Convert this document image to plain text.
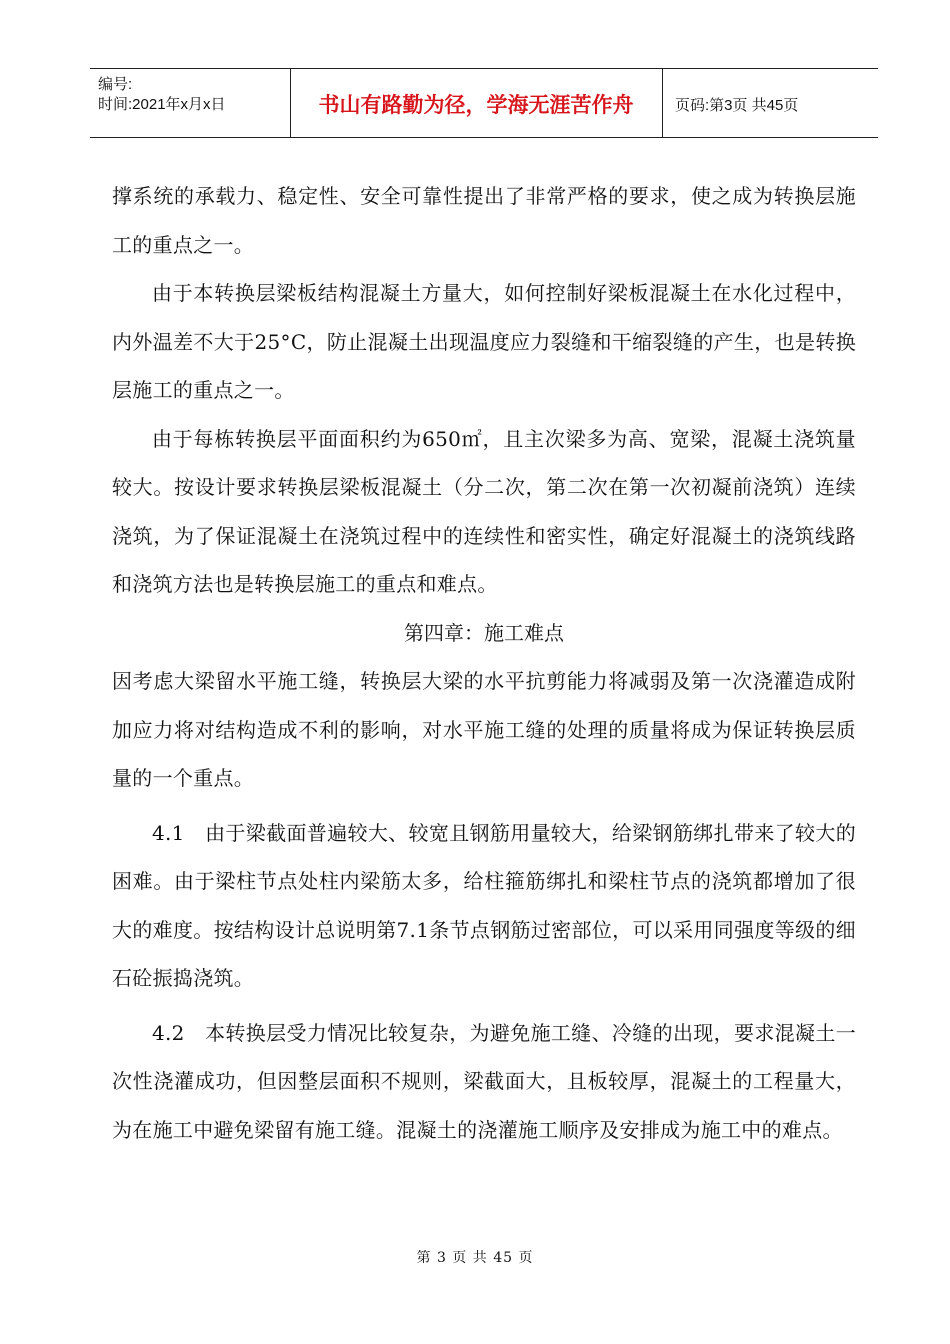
编号:
时间:2021年x月x日	书山有路勤为径，学海无涯苦作舟	页码:第3页 共45页

撑系统的承载力、稳定性、安全可靠性提出了非常严格的要求，使之成为转换层施工的重点之一。

由于本转换层梁板结构混凝土方量大，如何控制好梁板混凝土在水化过程中，内外温差不大于25°C，防止混凝土出现温度应力裂缝和干缩裂缝的产生，也是转换层施工的重点之一。

由于每栋转换层平面面积约为650㎡，且主次梁多为高、宽梁，混凝土浇筑量较大。按设计要求转换层梁板混凝土（分二次，第二次在第一次初凝前浇筑）连续浇筑，为了保证混凝土在浇筑过程中的连续性和密实性，确定好混凝土的浇筑线路和浇筑方法也是转换层施工的重点和难点。

第四章：施工难点

因考虑大梁留水平施工缝，转换层大梁的水平抗剪能力将减弱及第一次浇灌造成附加应力将对结构造成不利的影响，对水平施工缝的处理的质量将成为保证转换层质量的一个重点。

4.1　由于梁截面普遍较大、较宽且钢筋用量较大，给梁钢筋绑扎带来了较大的困难。由于梁柱节点处柱内梁筋太多，给柱箍筋绑扎和梁柱节点的浇筑都增加了很大的难度。按结构设计总说明第7.1条节点钢筋过密部位，可以采用同强度等级的细石砼振捣浇筑。

4.2　本转换层受力情况比较复杂，为避免施工缝、冷缝的出现，要求混凝土一次性浇灌成功，但因整层面积不规则，梁截面大，且板较厚，混凝土的工程量大，为在施工中避免梁留有施工缝。混凝土的浇灌施工顺序及安排成为施工中的难点。

第 3 页 共 45 页
